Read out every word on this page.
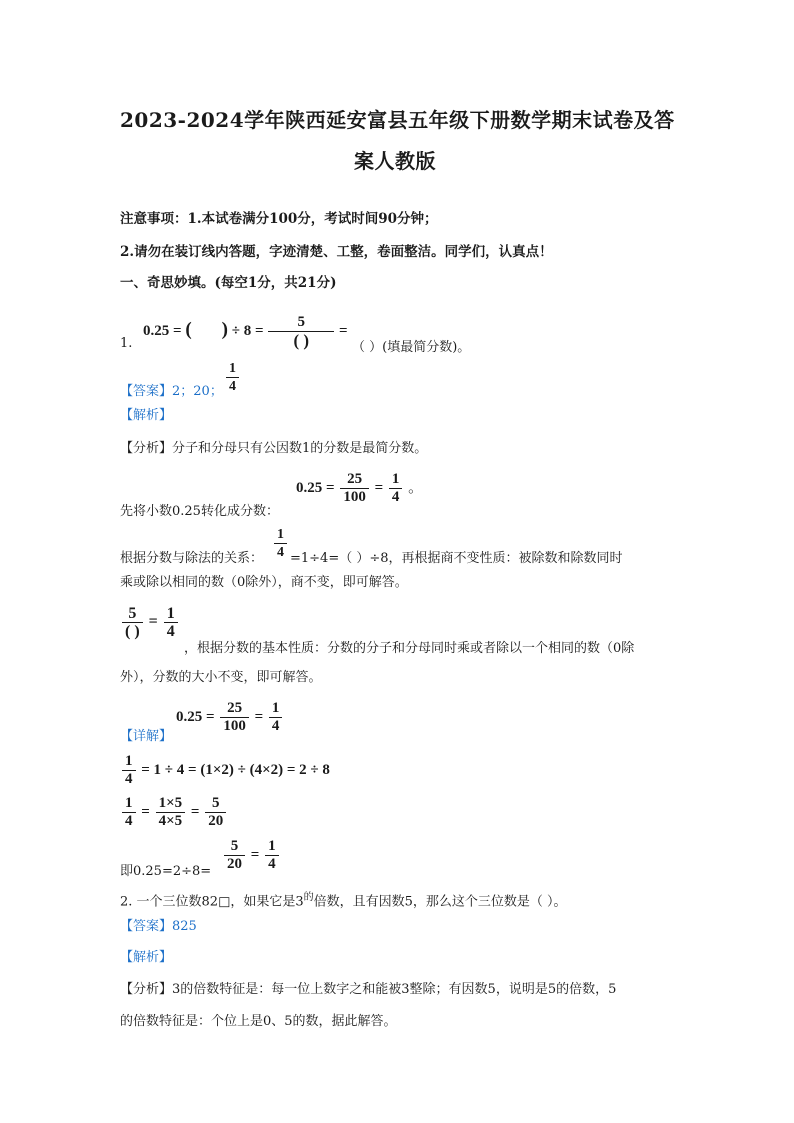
2023-2024学年陕西延安富县五年级下册数学期末试卷及答
案人教版
注意事项：1.本试卷满分100分，考试时间90分钟；
2.请勿在装订线内答题，字迹清楚、工整，卷面整洁。同学们，认真点！
一、奇思妙填。(每空1分，共21分)
0.25 = ( ) ÷ $8 = \frac{5}{( )}$ =
1.	（ ）(填最简分数)。
【答案】2；20； $\frac{1}{4}$
【解析】
【分析】分子和分母只有公因数1的分数是最简分数。
先将小数0.25转化成分数：
$0.25 = \frac{25}{100} = \frac{1}{4}$ 。
根据分数与除法的关系： $\frac{1}{4} =1\div 4=$（ ）÷8，再根据商不变性质：被除数和除数同时
乘或除以相同的数（0除外），商不变，即可解答。
$\frac{5}{( )} = \frac{1}{4}$
，根据分数的基本性质：分数的分子和分母同时乘或者除以一个相同的数（0除
外），分数的大小不变，即可解答。
【详解】
$0.25 = \frac{25}{100} = \frac{1}{4}$
$\frac{1}{4} = 1 \div 4 = (1\times 2) \div (4\times 2) = 2 \div 8$
$\frac{1}{4} = \frac{1\times 5}{4\times 5} = \frac{5}{20}$
即$0.25=2\div 8= \frac{5}{20} = \frac{1}{4}$
2. 一个三位数82□，如果它是$3^的$倍数，且有因数5，那么这个三位数是（ ）。
【答案】825
【解析】
【分析】3的倍数特征是：每一位上数字之和能被3整除；有因数5，说明是5的倍数，5
的倍数特征是：个位上是0、5的数，据此解答。
